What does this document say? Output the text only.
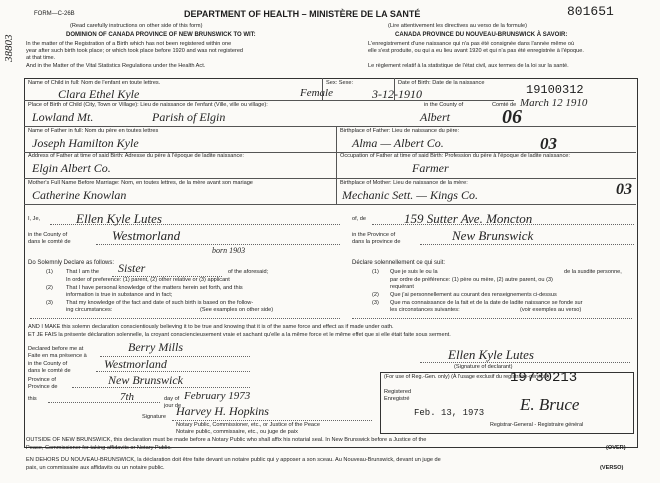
FORM—C-26B	DEPARTMENT OF HEALTH – MINISTÈRE DE LA SANTÉ	801651
38803
(Read carefully instructions on other side of this form)	(Lire attentivement les directives au verso de la formule)
DOMINION OF CANADA PROVINCE OF NEW BRUNSWICK TO WIT:	CANADA PROVINCE DU NOUVEAU-BRUNSWICK À SAVOIR:
In the matter of the Registration of a Birth which has not been registered within one
year after such birth took place; or which took place before 1920 and was not registered
at that time.
And in the Matter of the Vital Statistics Regulations under the Health Act.
L'enregistrement d'une naissance qui n'a pas été consignée dans l'année même où
elle s'est produite, ou qui a eu lieu avant 1920 et qui n'a pas été enregistrée à l'époque.
Le règlement relatif à la statistique de l'état civil, aux termes de la loi sur la santé.
Name of Child in full: Nom de l'enfant en toute lettres.	Sex: Sexe:	Date of Birth: Date de la naissance
Clara Ethel Kyle	Female	3-12-1910	19100312
March 12 1910
Place of Birth of Child (City, Town or Village): Lieu de naissance de l'enfant (Ville, ville ou village):	in the County of	Comté de
Lowland Mt.	Parish of Elgin	Albert	06
Name of Father in full: Nom du père en toutes lettres	Birthplace of Father: Lieu de naissance du père:
Joseph Hamilton Kyle	Alma — Albert Co.	03
Address of Father at time of said Birth: Adresse du père à l'époque de ladite naissance:	Occupation of Father at time of said Birth: Profession du père à l'époque de ladite naissance:
Elgin Albert Co.	Farmer
Mother's Full Name Before Marriage: Nom, en toutes lettres, de la mère avant son mariage	Birthplace of Mother: Lieu de naissance de la mère:
Catherine Knowlan	Mechanic Sett. — Kings Co.	03
I, Je,	Ellen Kyle Lutes	of, de	159 Sutter Ave. Moncton
in the County of
dans le comté de	Westmorland	in the Province of
dans la province de	New Brunswick
Do Solemnly Declare as follows:	Déclare solennellement ce qui suit:
born 1903
(1) That I am the Sister	of the aforesaid;
In order of preference: (1) parent, (2) other relative or (3) applicant
(2) That I have personal knowledge of the matters herein set forth, and this
information is true in substance and in fact;
(3) That my knowledge of the fact and date of such birth is based on the follow-
ing circumstances:	(See examples on other side)
(1) Que je suis le ou la	de la susdite personne,
par ordre de préférence: (1) père ou mère, (2) autre parent, ou (3)
requérant
(2) Que j'ai personnellement au courant des renseignements ci-dessus
(3) Que ma connaissance de la fait et de la date de ladite naissance se fonde sur
les circonstances suivantes:	(voir exemples au verso)
AND I MAKE this solemn declaration conscientiously believing it to be true and knowing that it is of the same force and effect as if made under oath.
ET JE FAIS la présente déclaration solennelle, la croyant consciencieusement vraie et sachant qu'elle a la même force et le même effet que si elle était faite sous serment.
Declared before me at
Faite en ma présence à
Berry Mills
in the County of
dans le comté de	Westmorland
Province of
Province de	New Brunswick
this	7th	day of February 1973
jour de
Signature Harvey H. Hopkins
Notary Public, Commissioner, etc., or Justice of the Peace
Notaire public, commissaire, etc., ou juge de paix
Ellen Kyle Lutes
(Signature of declarant)
(For use of Reg.-Gen. only) (À l'usage exclusif du registraire-général)
19730213
Registered
Enregistré
Feb. 13, 1973 E. Bruce
Registrar-General - Registraire général
OUTSIDE OF NEW BRUNSWICK, this declaration must be made before a Notary Public who shall affix his notarial seal. In New Brunswick before a Justice of the
Peace, Commissioner for taking affidavits or Notary Public.	(OVER)
EN DEHORS DU NOUVEAU-BRUNSWICK, la déclaration doit être faite devant un notaire public qui y apposer a son sceau. Au Nouveau-Brunswick, devant un juge de
paix, un commissaire aux affidavits ou un notaire public.	(VERSO)
